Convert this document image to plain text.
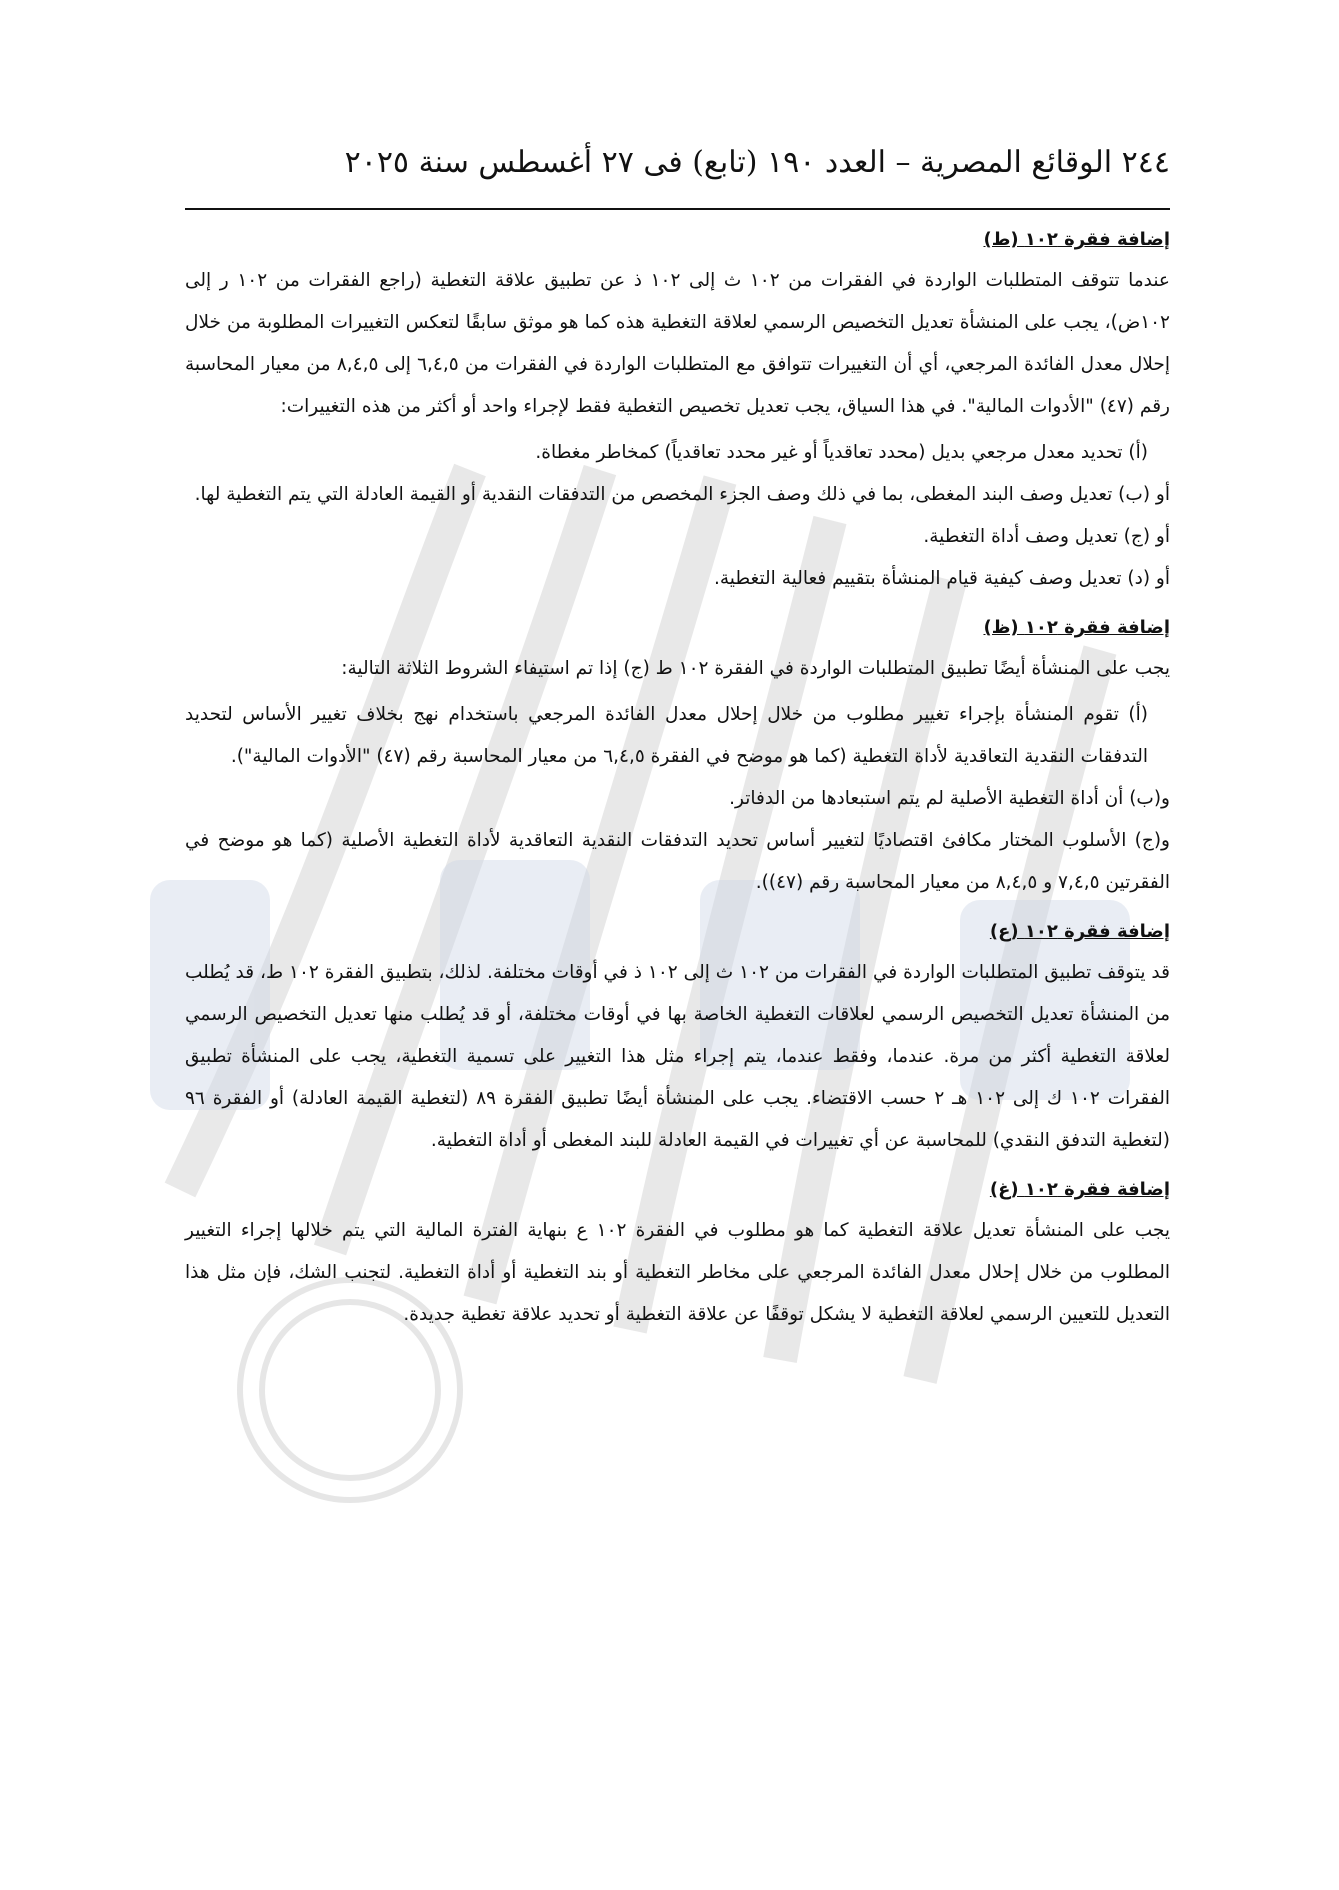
٢٤٤ الوقائع المصرية – العدد ١٩٠ (تابع) فى ٢٧ أغسطس سنة ٢٠٢٥
إضافة فقرة ١٠٢ (ط)

عندما تتوقف المتطلبات الواردة في الفقرات من ١٠٢ ث إلى ١٠٢ ذ عن تطبيق علاقة التغطية (راجع الفقرات من ١٠٢ ر إلى ١٠٢ض)، يجب على المنشأة تعديل التخصيص الرسمي لعلاقة التغطية هذه كما هو موثق سابقًا لتعكس التغييرات المطلوبة من خلال إحلال معدل الفائدة المرجعي، أي أن التغييرات تتوافق مع المتطلبات الواردة في الفقرات من ٦,٤,٥ إلى ٨,٤,٥ من معيار المحاسبة رقم (٤٧) "الأدوات المالية". في هذا السياق، يجب تعديل تخصيص التغطية فقط لإجراء واحد أو أكثر من هذه التغييرات:

(أ) تحديد معدل مرجعي بديل (محدد تعاقدياً أو غير محدد تعاقدياً) كمخاطر مغطاة.

أو (ب) تعديل وصف البند المغطى، بما في ذلك وصف الجزء المخصص من التدفقات النقدية أو القيمة العادلة التي يتم التغطية لها.

أو (ج) تعديل وصف أداة التغطية.

أو (د) تعديل وصف كيفية قيام المنشأة بتقييم فعالية التغطية.

إضافة فقرة ١٠٢ (ظ)

يجب على المنشأة أيضًا تطبيق المتطلبات الواردة في الفقرة ١٠٢ ط (ج) إذا تم استيفاء الشروط الثلاثة التالية:

(أ) تقوم المنشأة بإجراء تغيير مطلوب من خلال إحلال معدل الفائدة المرجعي باستخدام نهج بخلاف تغيير الأساس لتحديد التدفقات النقدية التعاقدية لأداة التغطية (كما هو موضح في الفقرة ٦,٤,٥ من معيار المحاسبة رقم (٤٧) "الأدوات المالية").

و(ب) أن أداة التغطية الأصلية لم يتم استبعادها من الدفاتر.

و(ج) الأسلوب المختار مكافئ اقتصاديًا لتغيير أساس تحديد التدفقات النقدية التعاقدية لأداة التغطية الأصلية (كما هو موضح في الفقرتين ٧,٤,٥ و ٨,٤,٥ من معيار المحاسبة رقم (٤٧)).

إضافة فقرة ١٠٢ (ع)

قد يتوقف تطبيق المتطلبات الواردة في الفقرات من ١٠٢ ث إلى ١٠٢ ذ في أوقات مختلفة. لذلك، بتطبيق الفقرة ١٠٢ ط، قد يُطلب من المنشأة تعديل التخصيص الرسمي لعلاقات التغطية الخاصة بها في أوقات مختلفة، أو قد يُطلب منها تعديل التخصيص الرسمي لعلاقة التغطية أكثر من مرة. عندما، وفقط عندما، يتم إجراء مثل هذا التغيير على تسمية التغطية، يجب على المنشأة تطبيق الفقرات ١٠٢ ك إلى ١٠٢ هـ ٢ حسب الاقتضاء. يجب على المنشأة أيضًا تطبيق الفقرة ٨٩ (لتغطية القيمة العادلة) أو الفقرة ٩٦ (لتغطية التدفق النقدي) للمحاسبة عن أي تغييرات في القيمة العادلة للبند المغطى أو أداة التغطية.

إضافة فقرة ١٠٢ (غ)

يجب على المنشأة تعديل علاقة التغطية كما هو مطلوب في الفقرة ١٠٢ ع بنهاية الفترة المالية التي يتم خلالها إجراء التغيير المطلوب من خلال إحلال معدل الفائدة المرجعي على مخاطر التغطية أو بند التغطية أو أداة التغطية. لتجنب الشك، فإن مثل هذا التعديل للتعيين الرسمي لعلاقة التغطية لا يشكل توقفًا عن علاقة التغطية أو تحديد علاقة تغطية جديدة.
